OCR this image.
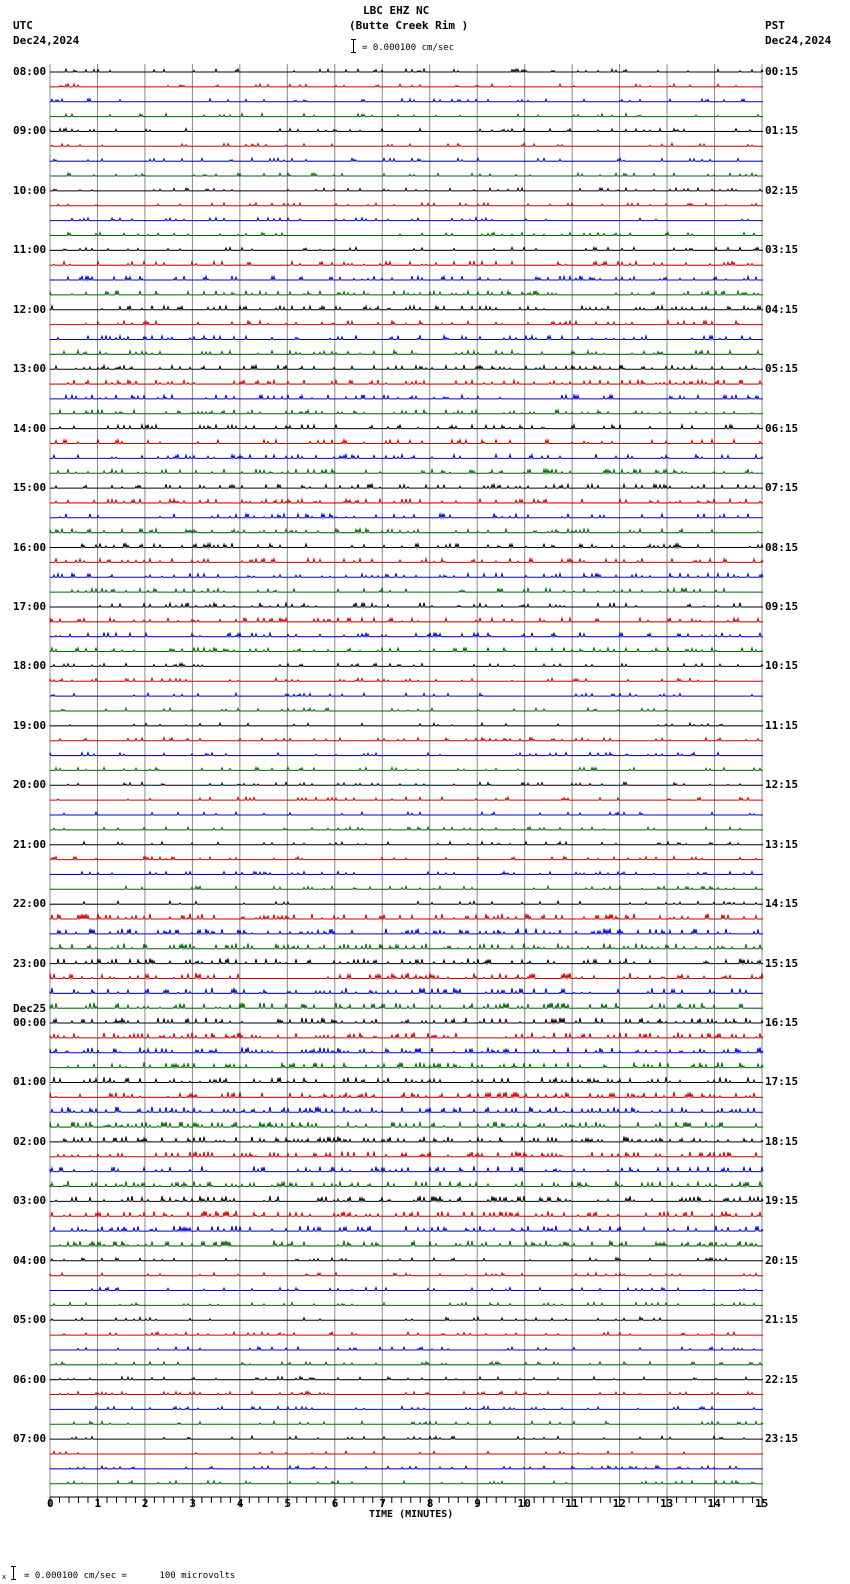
LBC EHZ NC
(Butte Creek Rim )
UTC
Dec24,2024
PST
Dec24,2024
= 0.000100 cm/sec
0	1	2	3	4	5	6	7	8	9	10	11	12	13	14	15
08:00
09:00
10:00
11:00
12:00
13:00
14:00
15:00
16:00
17:00
18:00
19:00
20:00
21:00
22:00
23:00
00:00
01:00
02:00
03:00
04:00
05:00
06:00
07:00
Dec25
00:15
01:15
02:15
03:15
04:15
05:15
06:15
07:15
08:15
09:15
10:15
11:15
12:15
13:15
14:15
15:15
16:15
17:15
18:15
19:15
20:15
21:15
22:15
23:15
TIME (MINUTES)
x = 0.000100 cm/sec =      100 microvolts
